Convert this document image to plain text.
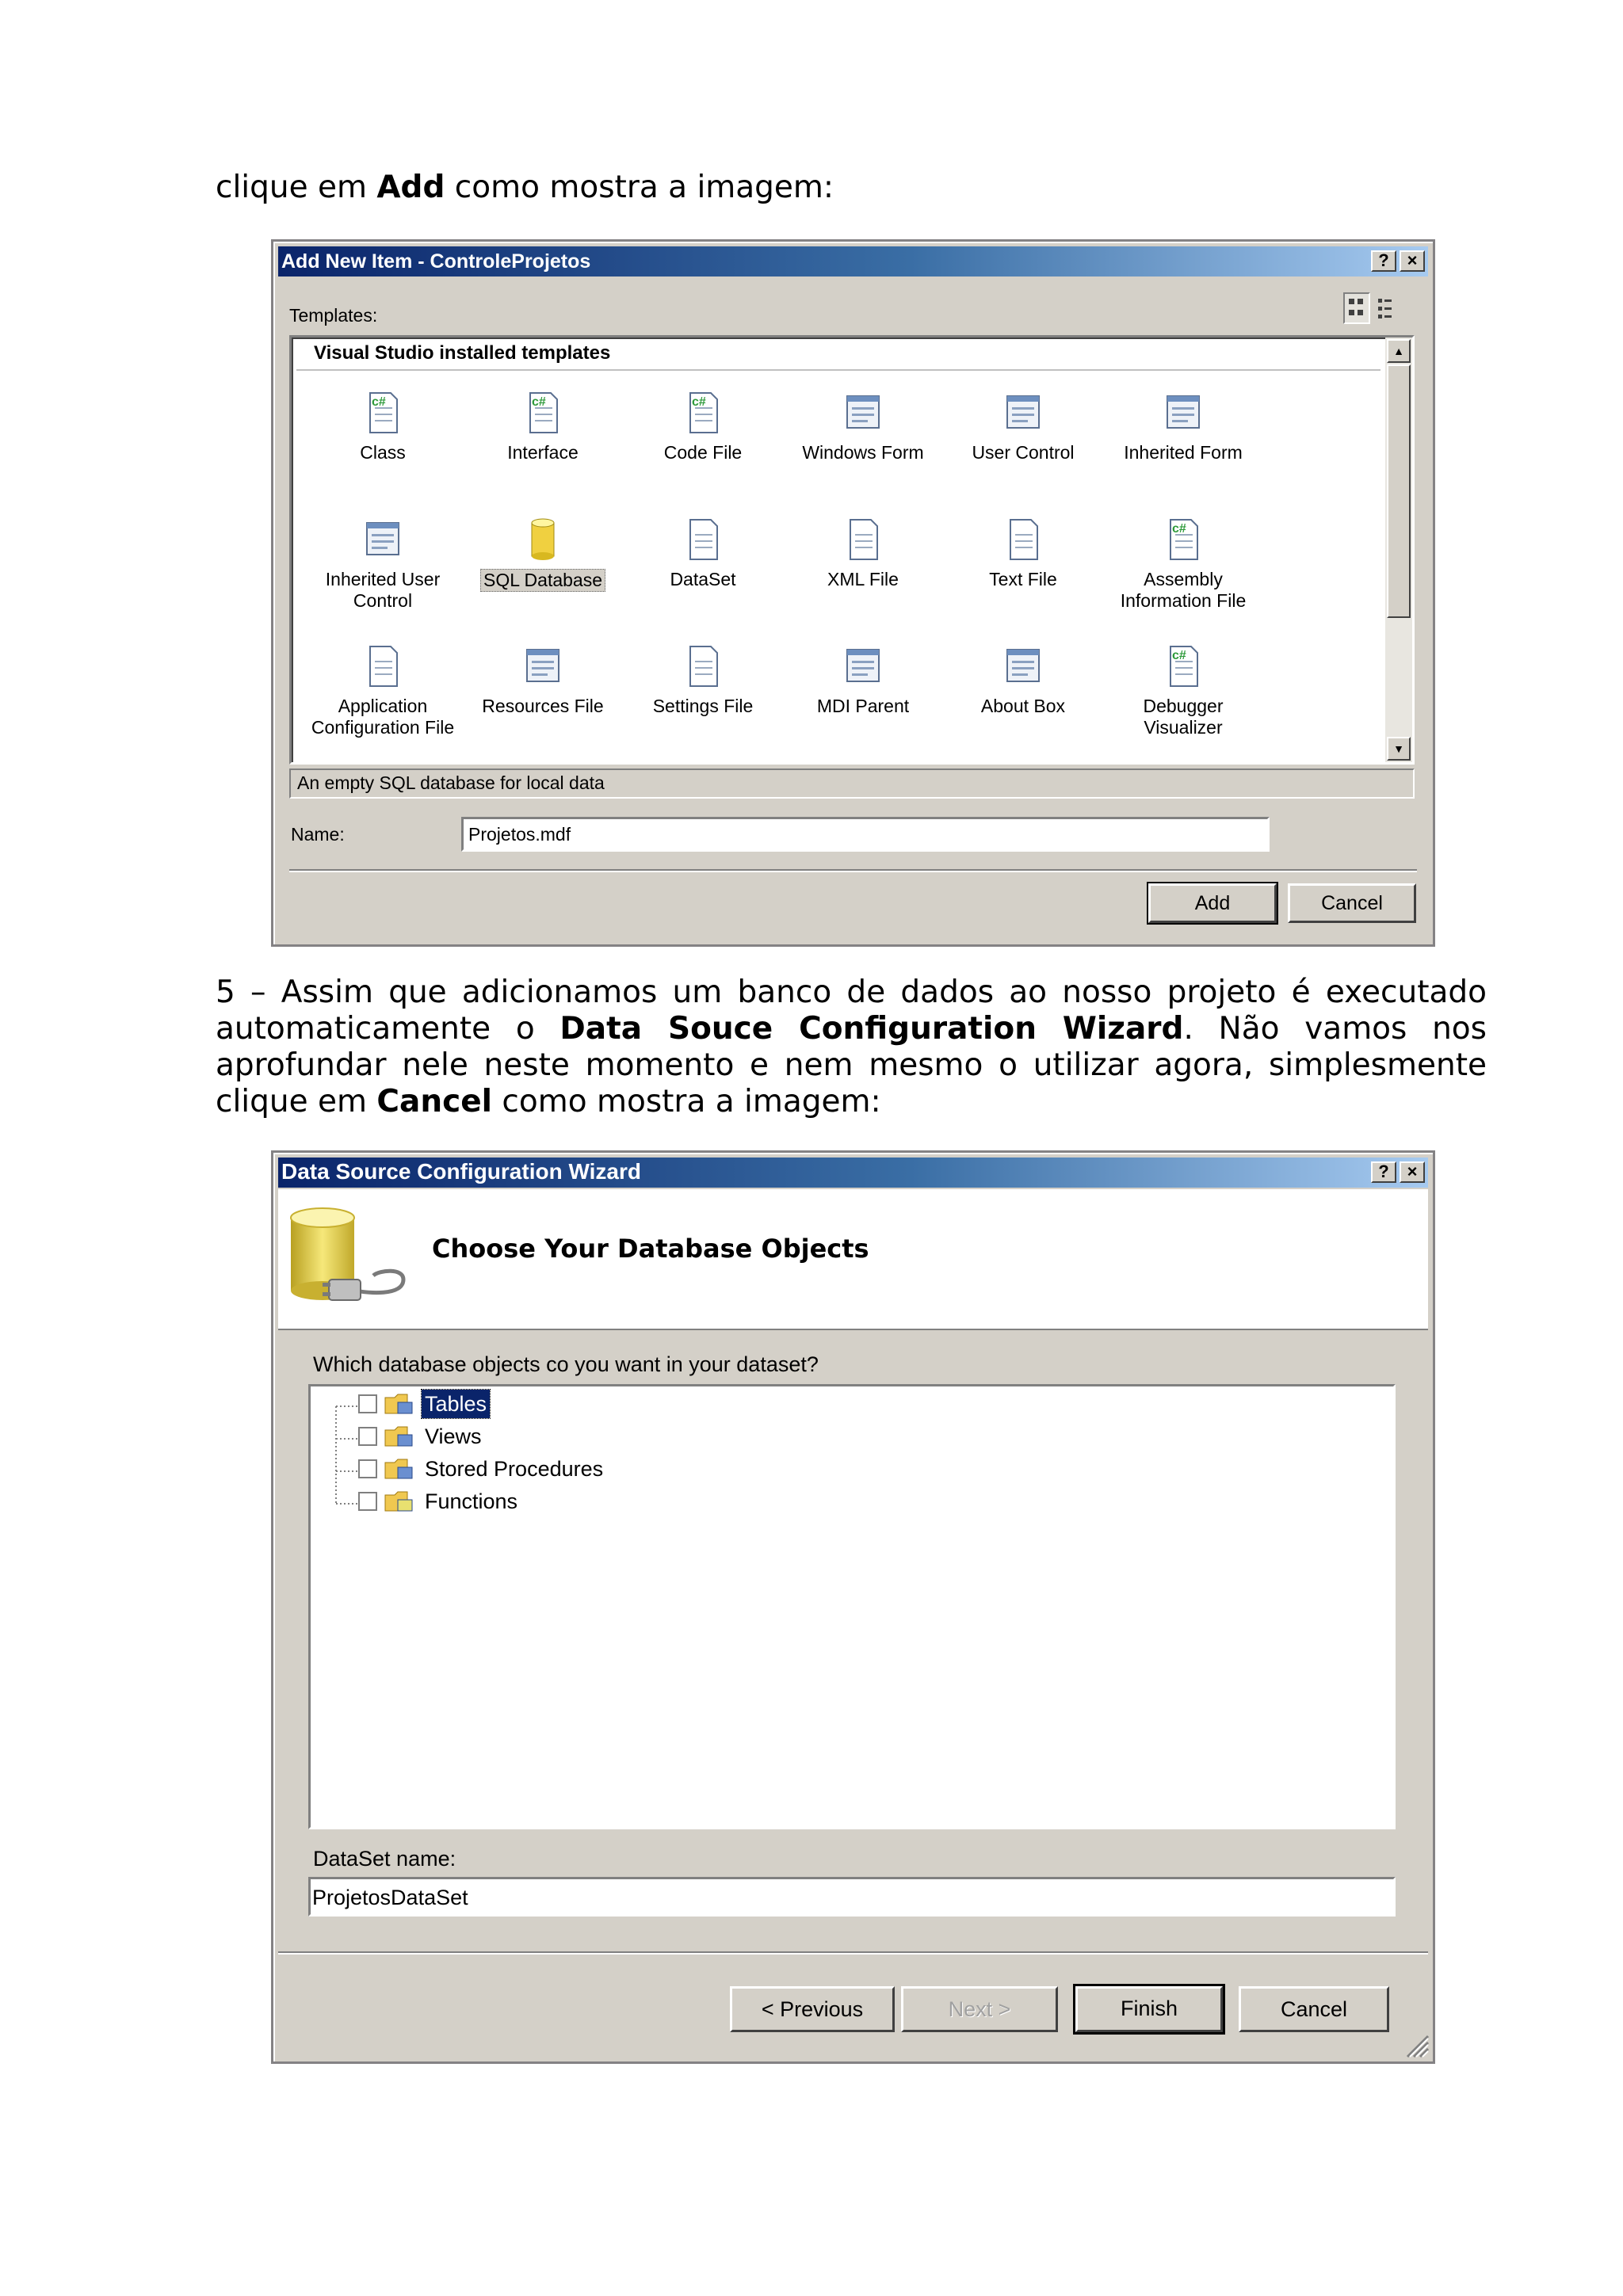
clique em Add como mostra a imagem:

Add New Item - ControleProjetos	?	×
Templates:
Visual Studio installed templates
c#
Class
c#
Interface
c#
Code File	Windows Form	User Control	Inherited Form
Inherited User
Control
SQL Database	DataSet	XML File	Text File
c#
Assembly
Information File
Application
Configuration File
Resources File	Settings File	MDI Parent	About Box
c#
Debugger
Visualizer
▲
▼
An empty SQL database for local data
Name:	Projetos.mdf
Add	Cancel

5 – Assim que adicionamos um banco de dados ao nosso projeto é executado automaticamente o Data Souce Configuration Wizard. Não vamos nos aprofundar nele neste momento e nem mesmo o utilizar agora, simplesmente clique em Cancel como mostra a imagem:

Data Source Configuration Wizard	?	×
Choose Your Database Objects
Which database objects co you want in your dataset?
Tables
Views
Stored Procedures
Functions
DataSet name:
ProjetosDataSet
< Previous	Next >	Finish	Cancel
